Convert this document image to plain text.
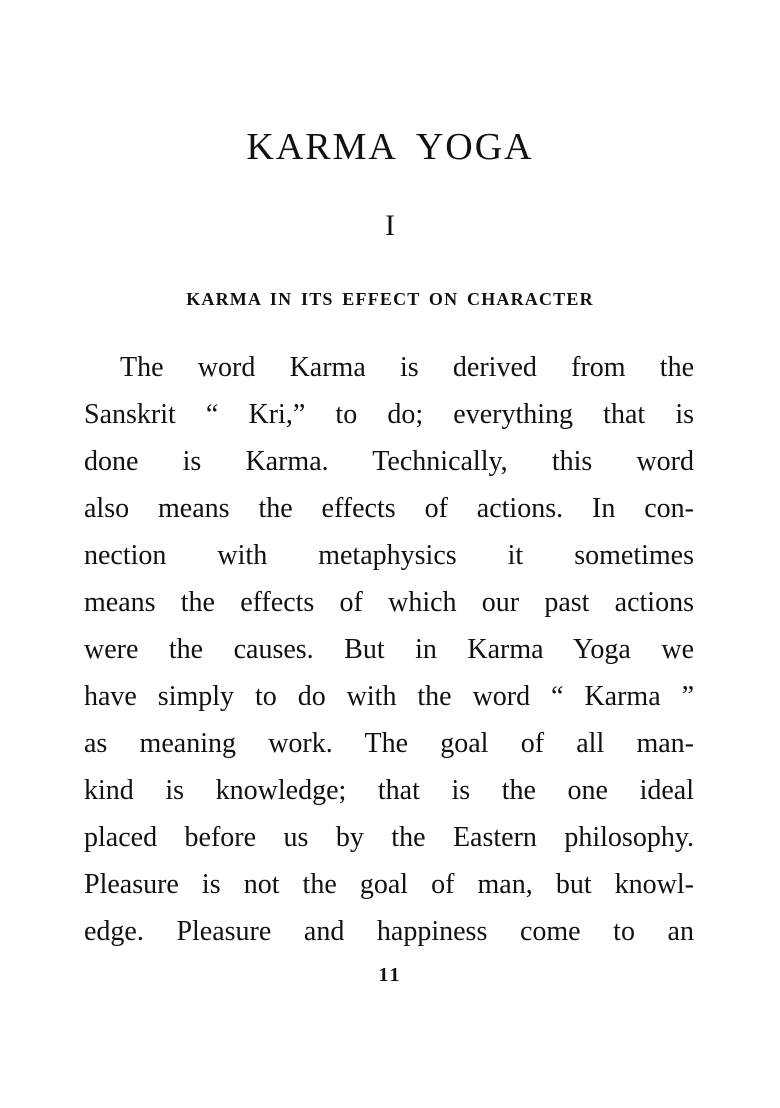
KARMA YOGA
I
KARMA IN ITS EFFECT ON CHARACTER
The word Karma is derived from the
Sanskrit “ Kri,” to do; everything that is
done is Karma. Technically, this word
also means the effects of actions. In con-
nection with metaphysics it sometimes
means the effects of which our past actions
were the causes. But in Karma Yoga we
have simply to do with the word “ Karma ”
as meaning work. The goal of all man-
kind is knowledge; that is the one ideal
placed before us by the Eastern philosophy.
Pleasure is not the goal of man, but knowl-
edge. Pleasure and happiness come to an
11
